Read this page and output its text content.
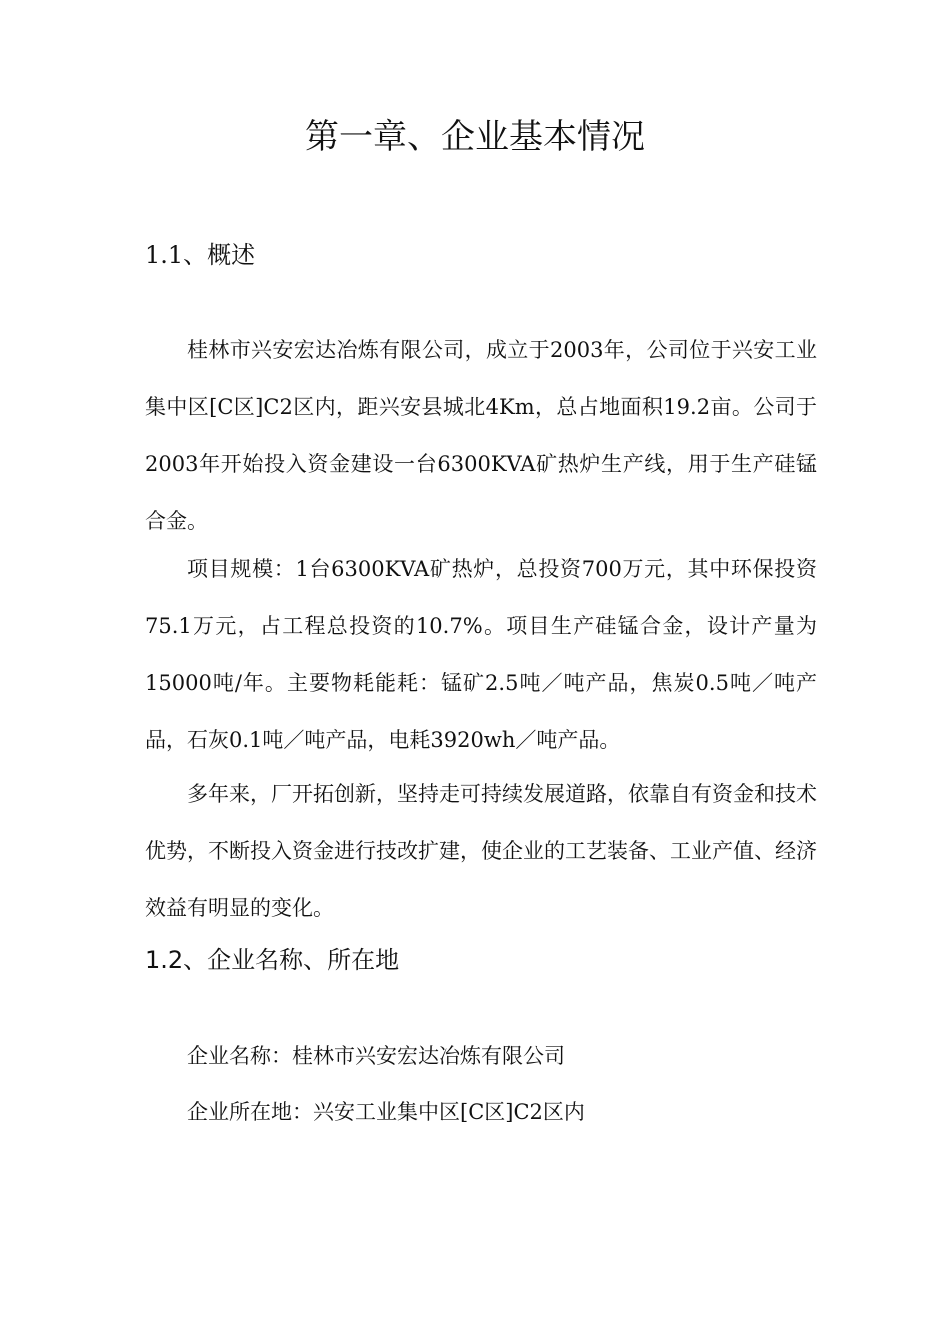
第一章、企业基本情况
1.1、概述

桂林市兴安宏达冶炼有限公司，成立于2003年，公司位于兴安工业集中区[C区]C2区内，距兴安县城北4Km，总占地面积19.2亩。公司于2003年开始投入资金建设一台6300KVA矿热炉生产线，用于生产硅锰合金。

项目规模：1台6300KVA矿热炉，总投资700万元，其中环保投资75.1万元，占工程总投资的10.7%。项目生产硅锰合金，设计产量为15000吨/年。主要物耗能耗：锰矿2.5吨／吨产品，焦炭0.5吨／吨产品，石灰0.1吨／吨产品，电耗3920wh／吨产品。

多年来，厂开拓创新，坚持走可持续发展道路，依靠自有资金和技术优势，不断投入资金进行技改扩建，使企业的工艺装备、工业产值、经济效益有明显的变化。

1.2、企业名称、所在地

企业名称：桂林市兴安宏达冶炼有限公司

企业所在地：兴安工业集中区[C区]C2区内
